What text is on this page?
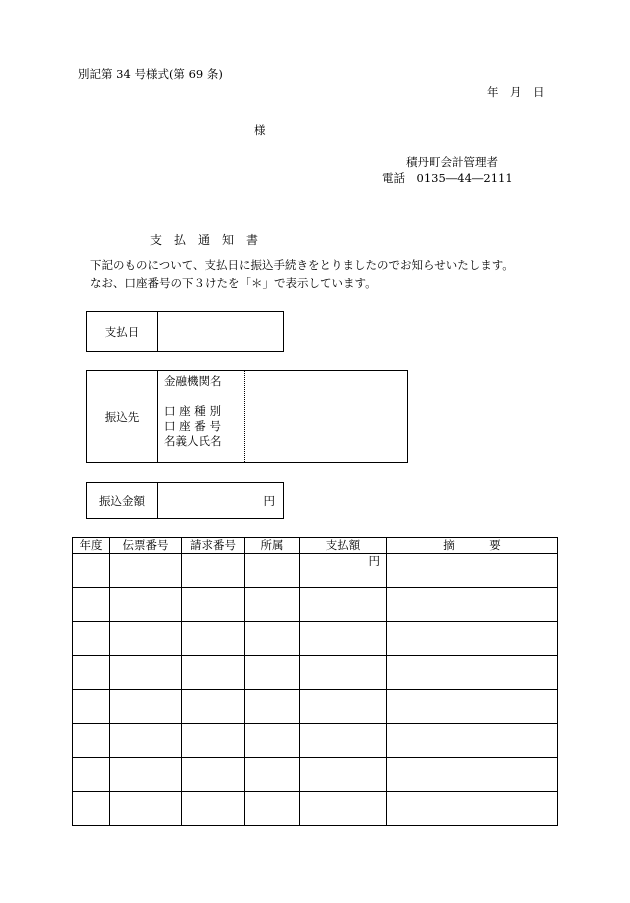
別記第 34 号様式(第 69 条)
年　月　日
様
積丹町会計管理者
電話　0135―44―2111
支　払　通　知　書
下記のものについて、支払日に振込手続きをとりましたのでお知らせいたします。
なお、口座番号の下３けたを「＊」で表示しています。
支払日
振込先
金融機関名
口 座 種 別
口 座 番 号
名義人氏名
振込金額	円
年度	伝票番号	請求番号	所属	支払額	摘　　　要
				円	
